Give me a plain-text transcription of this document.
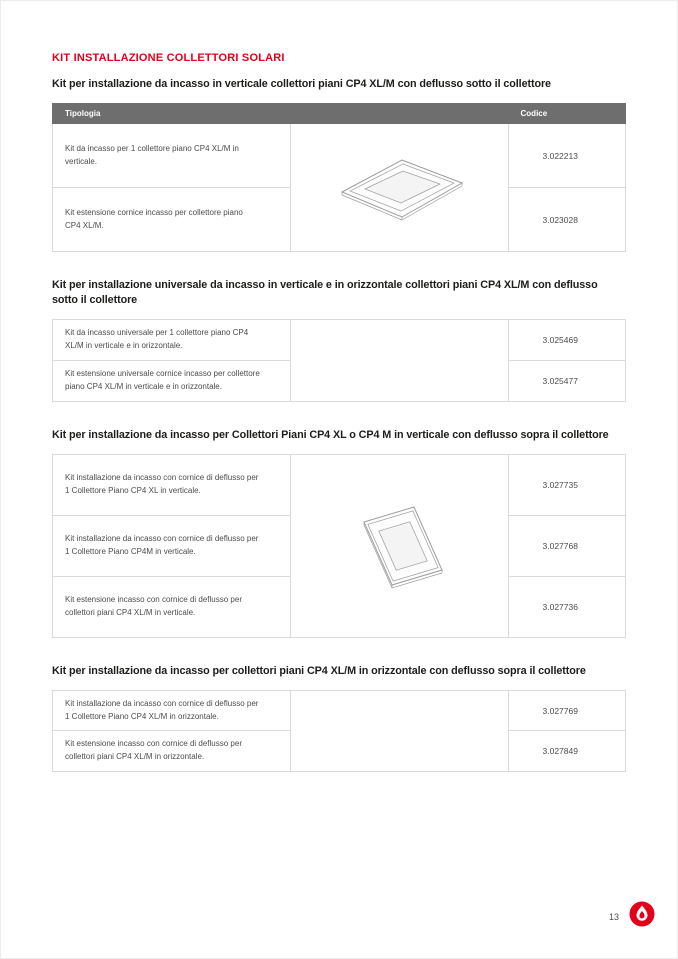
KIT INSTALLAZIONE COLLETTORI SOLARI
Kit per installazione da incasso in verticale collettori piani CP4 XL/M con deflusso sotto il collettore
Tipologia		Codice
Kit da incasso per 1 collettore piano CP4 XL/M in verticale.		3.022213
Kit estensione cornice incasso per collettore piano CP4 XL/M.		3.023028
Kit per installazione universale da incasso in verticale e in orizzontale collettori piani CP4 XL/M con deflusso sotto il collettore
Kit da incasso universale per 1 collettore piano CP4 XL/M in verticale e in orizzontale.		3.025469
Kit estensione universale cornice incasso per collettore piano CP4 XL/M in verticale e in orizzontale.		3.025477
Kit per installazione da incasso per Collettori Piani CP4 XL o CP4 M in verticale con deflusso sopra il collettore
Kit installazione da incasso con cornice di deflusso per 1 Collettore Piano CP4 XL in verticale.		3.027735
Kit installazione da incasso con cornice di deflusso per 1 Collettore Piano CP4M in verticale.		3.027768
Kit estensione incasso con cornice di deflusso per collettori piani CP4 XL/M in verticale.		3.027736
Kit per installazione da incasso per collettori piani CP4 XL/M in orizzontale con deflusso sopra il collettore
Kit installazione da incasso con cornice di deflusso per 1 Collettore Piano CP4 XL/M in orizzontale.		3.027769
Kit estensione incasso con cornice di deflusso per collettori piani CP4 XL/M in orizzontale.		3.027849
13
